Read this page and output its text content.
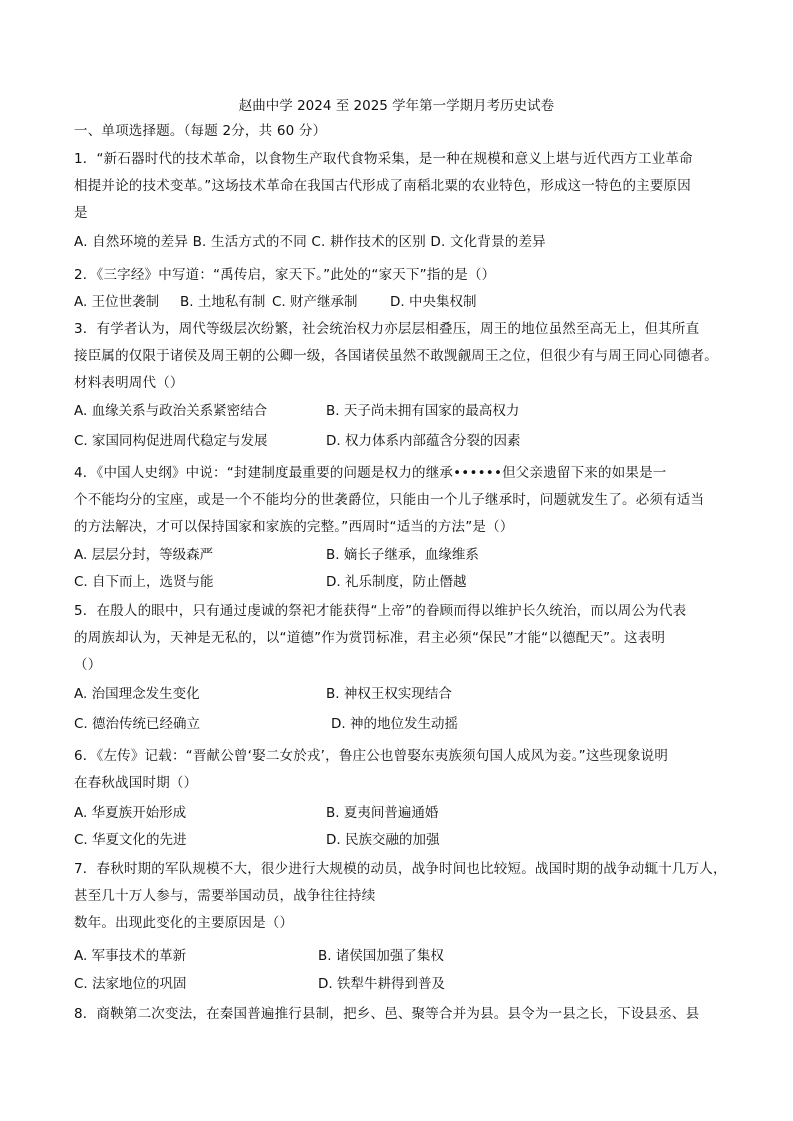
赵曲中学 2024 至 2025 学年第一学期月考历史试卷
一、单项选择题。（每题 2分，共 60 分）
1．“新石器时代的技术革命，以食物生产取代食物采集，是一种在规模和意义上堪与近代西方工业革命
相提并论的技术变革。”这场技术革命在我国古代形成了南稻北粟的农业特色，形成这一特色的主要原因
是
A. 自然环境的差异 B. 生活方式的不同 C. 耕作技术的区别 D. 文化背景的差异
2．《三字经》中写道：“禹传启，家天下。”此处的“家天下”指的是（）
A. 王位世袭制 B. 土地私有制 C. 财产继承制 D. 中央集权制
3．有学者认为，周代等级层次纷繁，社会统治权力亦层层相叠压，周王的地位虽然至高无上，但其所直
接臣属的仅限于诸侯及周王朝的公卿一级，各国诸侯虽然不敢觊觎周王之位，但很少有与周王同心同德者。
材料表明周代（）
A. 血缘关系与政治关系紧密结合	B. 天子尚未拥有国家的最高权力
C. 家国同构促进周代稳定与发展	D. 权力体系内部蕴含分裂的因素
4．《中国人史纲》中说：“封建制度最重要的问题是权力的继承••••••但父亲遗留下来的如果是一
个不能均分的宝座，或是一个不能均分的世袭爵位，只能由一个儿子继承时，问题就发生了。必须有适当
的方法解决，才可以保持国家和家族的完整。”西周时“适当的方法”是（）
A. 层层分封，等级森严	B. 嫡长子继承，血缘维系
C. 自下而上，选贤与能	D. 礼乐制度，防止僭越
5．在殷人的眼中，只有通过虔诚的祭祀才能获得“上帝”的眷顾而得以维护长久统治，而以周公为代表
的周族却认为，天神是无私的，以“道德”作为赏罚标准，君主必须“保民”才能“以德配天”。这表明
（）
A. 治国理念发生变化	B. 神权王权实现结合
C. 德治传统已经确立	D. 神的地位发生动摇
6．《左传》记载：“晋献公曾‘娶二女於戎’，鲁庄公也曾娶东夷族须句国人成风为妾。”这些现象说明
在春秋战国时期（）
A. 华夏族开始形成	B. 夏夷间普遍通婚
C. 华夏文化的先进	D. 民族交融的加强
7．春秋时期的军队规模不大，很少进行大规模的动员，战争时间也比较短。战国时期的战争动辄十几万人，
甚至几十万人参与，需要举国动员，战争往往持续
数年。出现此变化的主要原因是（）
A. 军事技术的革新	B. 诸侯国加强了集权
C. 法家地位的巩固	D. 铁犁牛耕得到普及
8．商鞅第二次变法，在秦国普遍推行县制，把乡、邑、聚等合并为县。县令为一县之长，下设县丞、县
